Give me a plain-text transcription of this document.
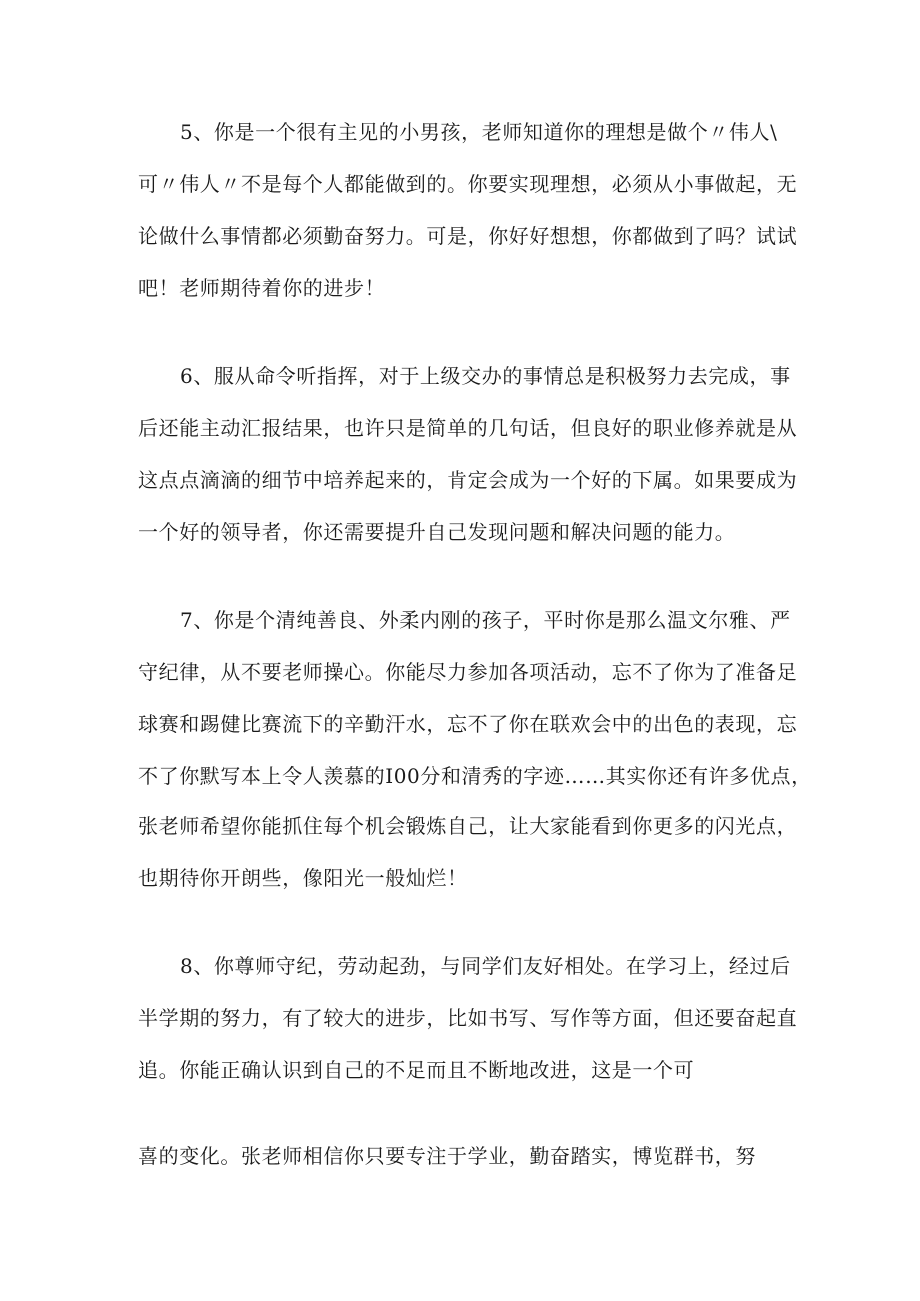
5、你是一个很有主见的小男孩，老师知道你的理想是做个〃伟人\
可〃伟人〃不是每个人都能做到的。你要实现理想，必须从小事做起，无
论做什么事情都必须勤奋努力。可是，你好好想想，你都做到了吗？试试
吧！老师期待着你的进步！
6、服从命令听指挥，对于上级交办的事情总是积极努力去完成，事
后还能主动汇报结果，也许只是简单的几句话，但良好的职业修养就是从
这点点滴滴的细节中培养起来的，肯定会成为一个好的下属。如果要成为
一个好的领导者，你还需要提升自己发现问题和解决问题的能力。
7、你是个清纯善良、外柔内刚的孩子，平时你是那么温文尔雅、严
守纪律，从不要老师操心。你能尽力参加各项活动，忘不了你为了准备足
球赛和踢健比赛流下的辛勤汗水，忘不了你在联欢会中的出色的表现，忘
不了你默写本上令人羡慕的I00分和清秀的字迹……其实你还有许多优点，
张老师希望你能抓住每个机会锻炼自己，让大家能看到你更多的闪光点，
也期待你开朗些，像阳光一般灿烂！
8、你尊师守纪，劳动起劲，与同学们友好相处。在学习上，经过后
半学期的努力，有了较大的进步，比如书写、写作等方面，但还要奋起直
追。你能正确认识到自己的不足而且不断地改进，这是一个可
喜的变化。张老师相信你只要专注于学业，勤奋踏实，博览群书，努
